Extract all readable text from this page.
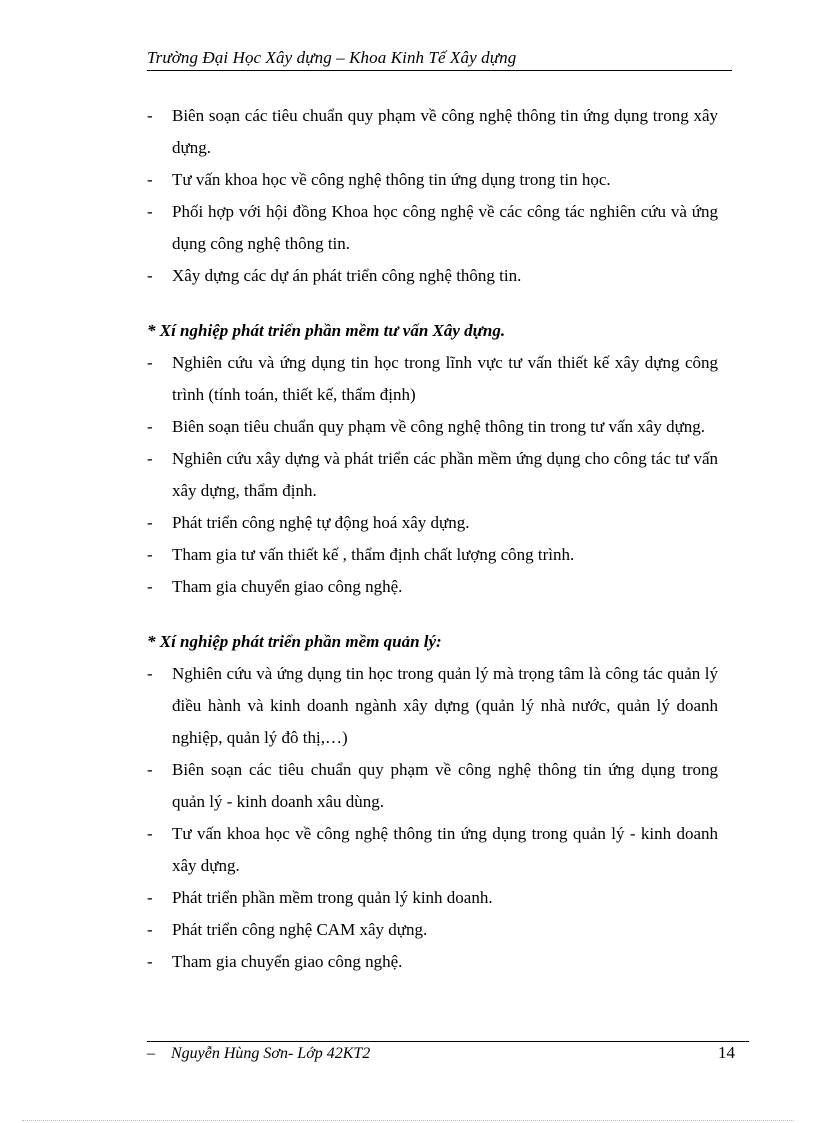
Trường Đại Học Xây dựng – Khoa Kinh Tế Xây dựng
- Biên soạn các tiêu chuẩn quy phạm về công nghệ thông tin ứng dụng trong xây dựng.
- Tư vấn khoa học về công nghệ thông tin ứng dụng trong tin học.
- Phối hợp với hội đồng Khoa học công nghệ về các công tác nghiên cứu và ứng dụng công nghệ thông tin.
- Xây dựng các dự án phát triển công nghệ thông tin.
* Xí nghiệp phát triển phần mềm tư vấn Xây dựng.
- Nghiên cứu và ứng dụng tin học trong lĩnh vực tư vấn thiết kế xây dựng công trình (tính toán, thiết kế, thẩm định)
- Biên soạn tiêu chuẩn quy phạm về công nghệ thông tin trong tư vấn xây dựng.
- Nghiên cứu xây dựng và phát triển các phần mềm ứng dụng cho công tác tư vấn xây dựng, thẩm định.
- Phát triển công nghệ tự động hoá xây dựng.
- Tham gia tư vấn thiết kế , thẩm định chất lượng công trình.
- Tham gia chuyển giao công nghệ.
* Xí nghiệp phát triển phần mềm quản lý:
- Nghiên cứu và ứng dụng tin học trong quản lý mà trọng tâm là công tác quản lý điều hành và kinh doanh ngành xây dựng (quản lý nhà nước, quản lý doanh nghiệp, quản lý đô thị,…)
- Biên soạn các tiêu chuẩn quy phạm về công nghệ thông tin ứng dụng trong quản lý - kinh doanh xâu dùng.
- Tư vấn khoa học về công nghệ thông tin ứng dụng trong quản lý - kinh doanh xây dựng.
- Phát triển phần mềm trong quản lý kinh doanh.
- Phát triển công nghệ CAM xây dựng.
- Tham gia chuyển giao công nghệ.
– Nguyễn Hùng Sơn- Lớp 42KT2	14
